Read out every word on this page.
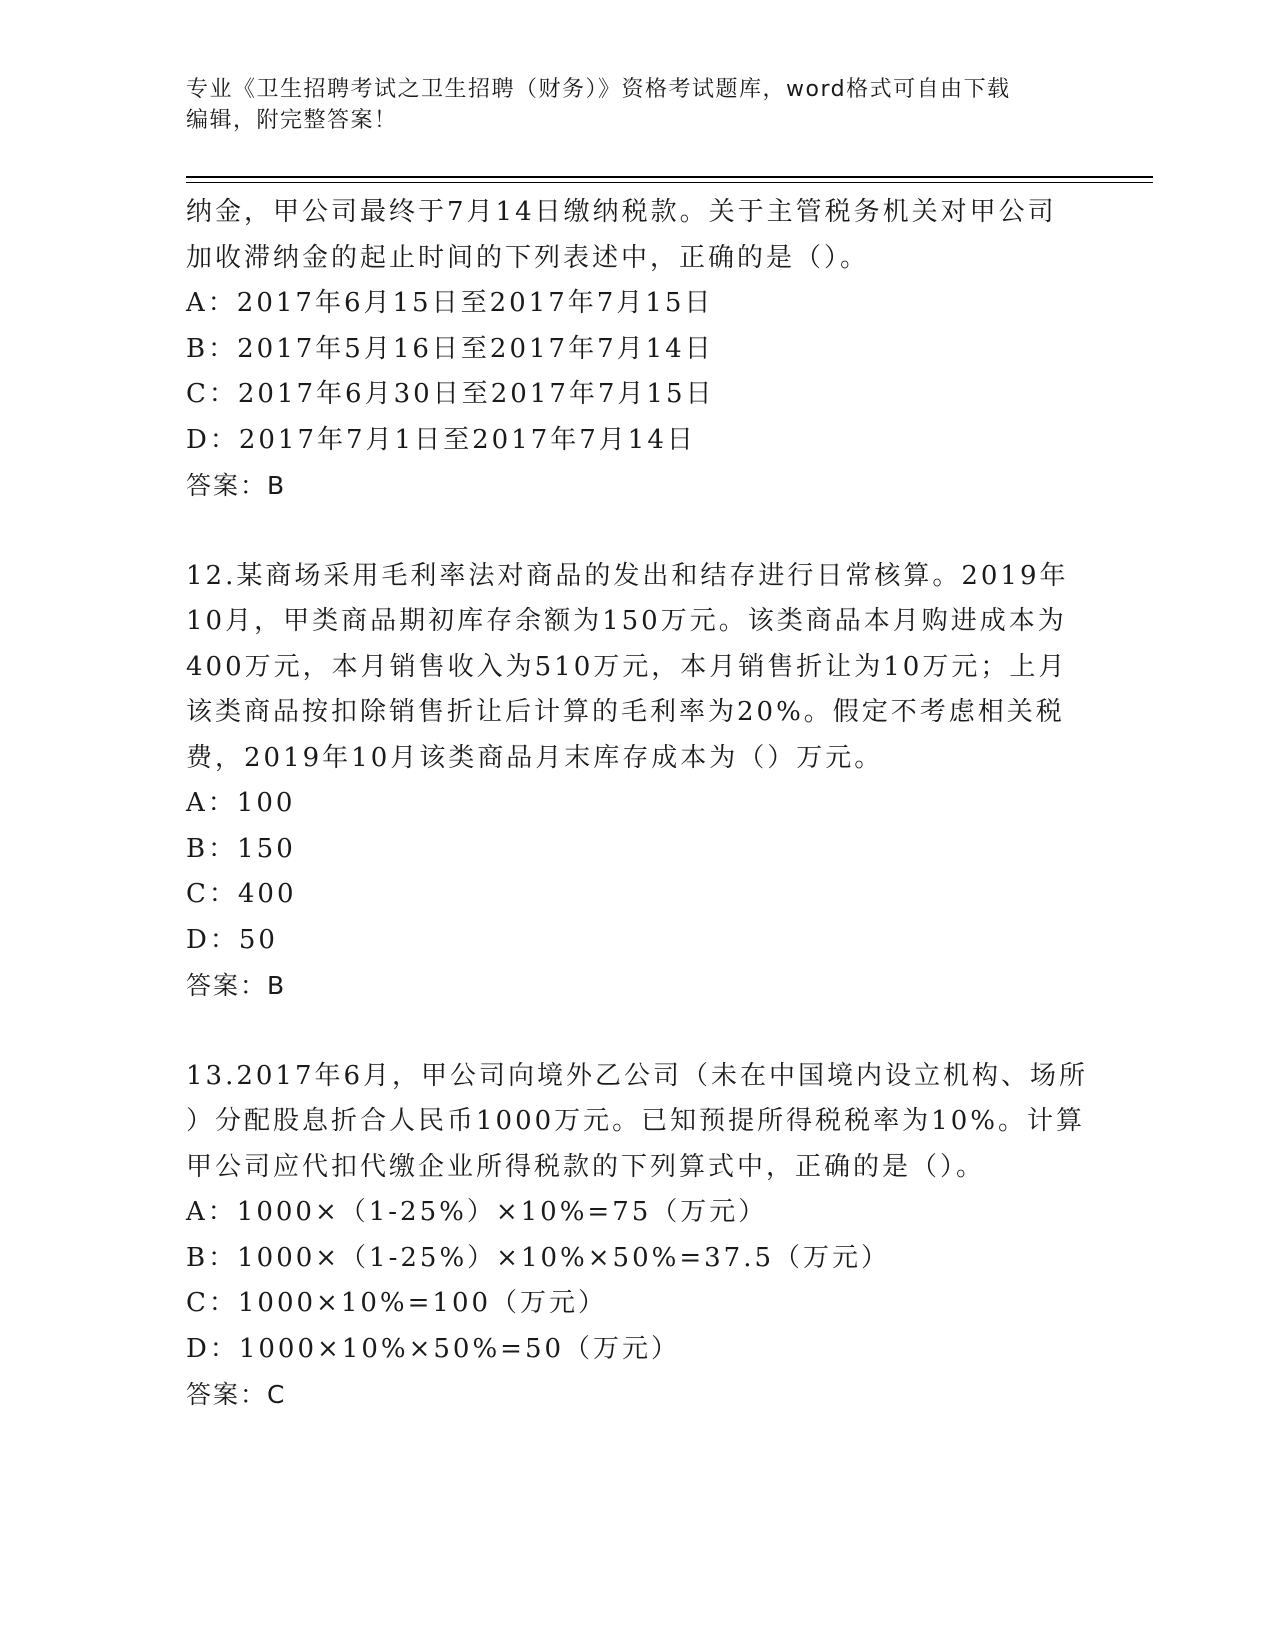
专业《卫生招聘考试之卫生招聘（财务）》资格考试题库，word格式可自由下载
编辑，附完整答案！
纳金，甲公司最终于7月14日缴纳税款。关于主管税务机关对甲公司
加收滞纳金的起止时间的下列表述中，正确的是（）。
A：2017年6月15日至2017年7月15日
B：2017年5月16日至2017年7月14日
C：2017年6月30日至2017年7月15日
D：2017年7月1日至2017年7月14日
答案：B
12.某商场采用毛利率法对商品的发出和结存进行日常核算。2019年
10月，甲类商品期初库存余额为150万元。该类商品本月购进成本为
400万元，本月销售收入为510万元，本月销售折让为10万元；上月
该类商品按扣除销售折让后计算的毛利率为20%。假定不考虑相关税
费，2019年10月该类商品月末库存成本为（）万元。
A：100
B：150
C：400
D：50
答案：B
13.2017年6月，甲公司向境外乙公司（未在中国境内设立机构、场所
）分配股息折合人民币1000万元。已知预提所得税税率为10%。计算
甲公司应代扣代缴企业所得税款的下列算式中，正确的是（）。
A：1000×（1-25%）×10%=75（万元）
B：1000×（1-25%）×10%×50%=37.5（万元）
C：1000×10%=100（万元）
D：1000×10%×50%=50（万元）
答案：C
